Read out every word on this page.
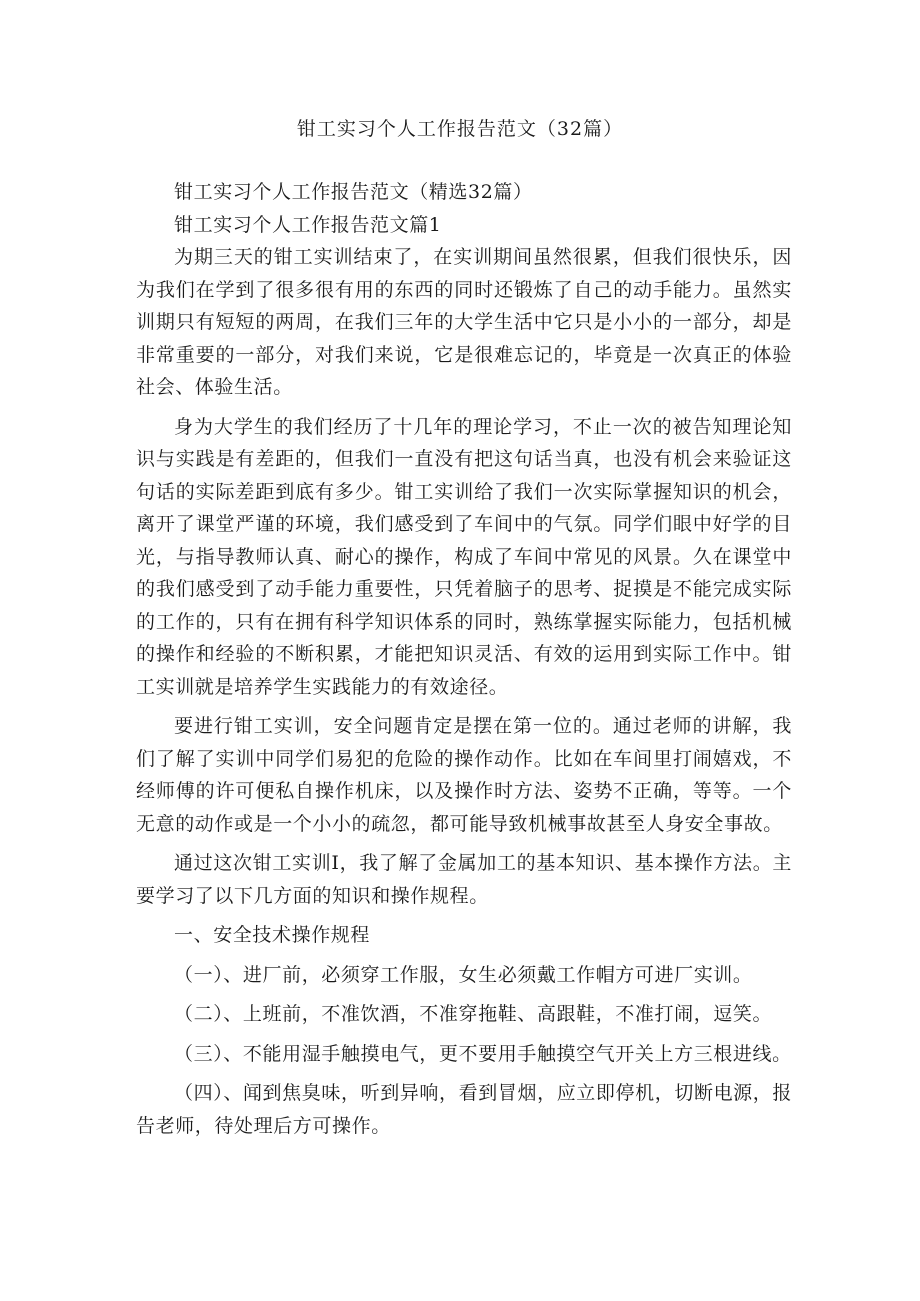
钳工实习个人工作报告范文（32篇）

钳工实习个人工作报告范文（精选32篇）

钳工实习个人工作报告范文篇1

为期三天的钳工实训结束了，在实训期间虽然很累，但我们很快乐，因为我们在学到了很多很有用的东西的同时还锻炼了自己的动手能力。虽然实训期只有短短的两周，在我们三年的大学生活中它只是小小的一部分，却是非常重要的一部分，对我们来说，它是很难忘记的，毕竟是一次真正的体验社会、体验生活。

身为大学生的我们经历了十几年的理论学习，不止一次的被告知理论知识与实践是有差距的，但我们一直没有把这句话当真，也没有机会来验证这句话的实际差距到底有多少。钳工实训给了我们一次实际掌握知识的机会，离开了课堂严谨的环境，我们感受到了车间中的气氛。同学们眼中好学的目光，与指导教师认真、耐心的操作，构成了车间中常见的风景。久在课堂中的我们感受到了动手能力重要性，只凭着脑子的思考、捉摸是不能完成实际的工作的，只有在拥有科学知识体系的同时，熟练掌握实际能力，包括机械的操作和经验的不断积累，才能把知识灵活、有效的运用到实际工作中。钳工实训就是培养学生实践能力的有效途径。

要进行钳工实训，安全问题肯定是摆在第一位的。通过老师的讲解，我们了解了实训中同学们易犯的危险的操作动作。比如在车间里打闹嬉戏，不经师傅的许可便私自操作机床，以及操作时方法、姿势不正确，等等。一个无意的动作或是一个小小的疏忽，都可能导致机械事故甚至人身安全事故。

通过这次钳工实训I，我了解了金属加工的基本知识、基本操作方法。主要学习了以下几方面的知识和操作规程。

一、安全技术操作规程

（一）、进厂前，必须穿工作服，女生必须戴工作帽方可进厂实训。

（二）、上班前，不准饮酒，不准穿拖鞋、高跟鞋，不准打闹，逗笑。

（三）、不能用湿手触摸电气，更不要用手触摸空气开关上方三根进线。

（四）、闻到焦臭味，听到异响，看到冒烟，应立即停机，切断电源，报告老师，待处理后方可操作。
